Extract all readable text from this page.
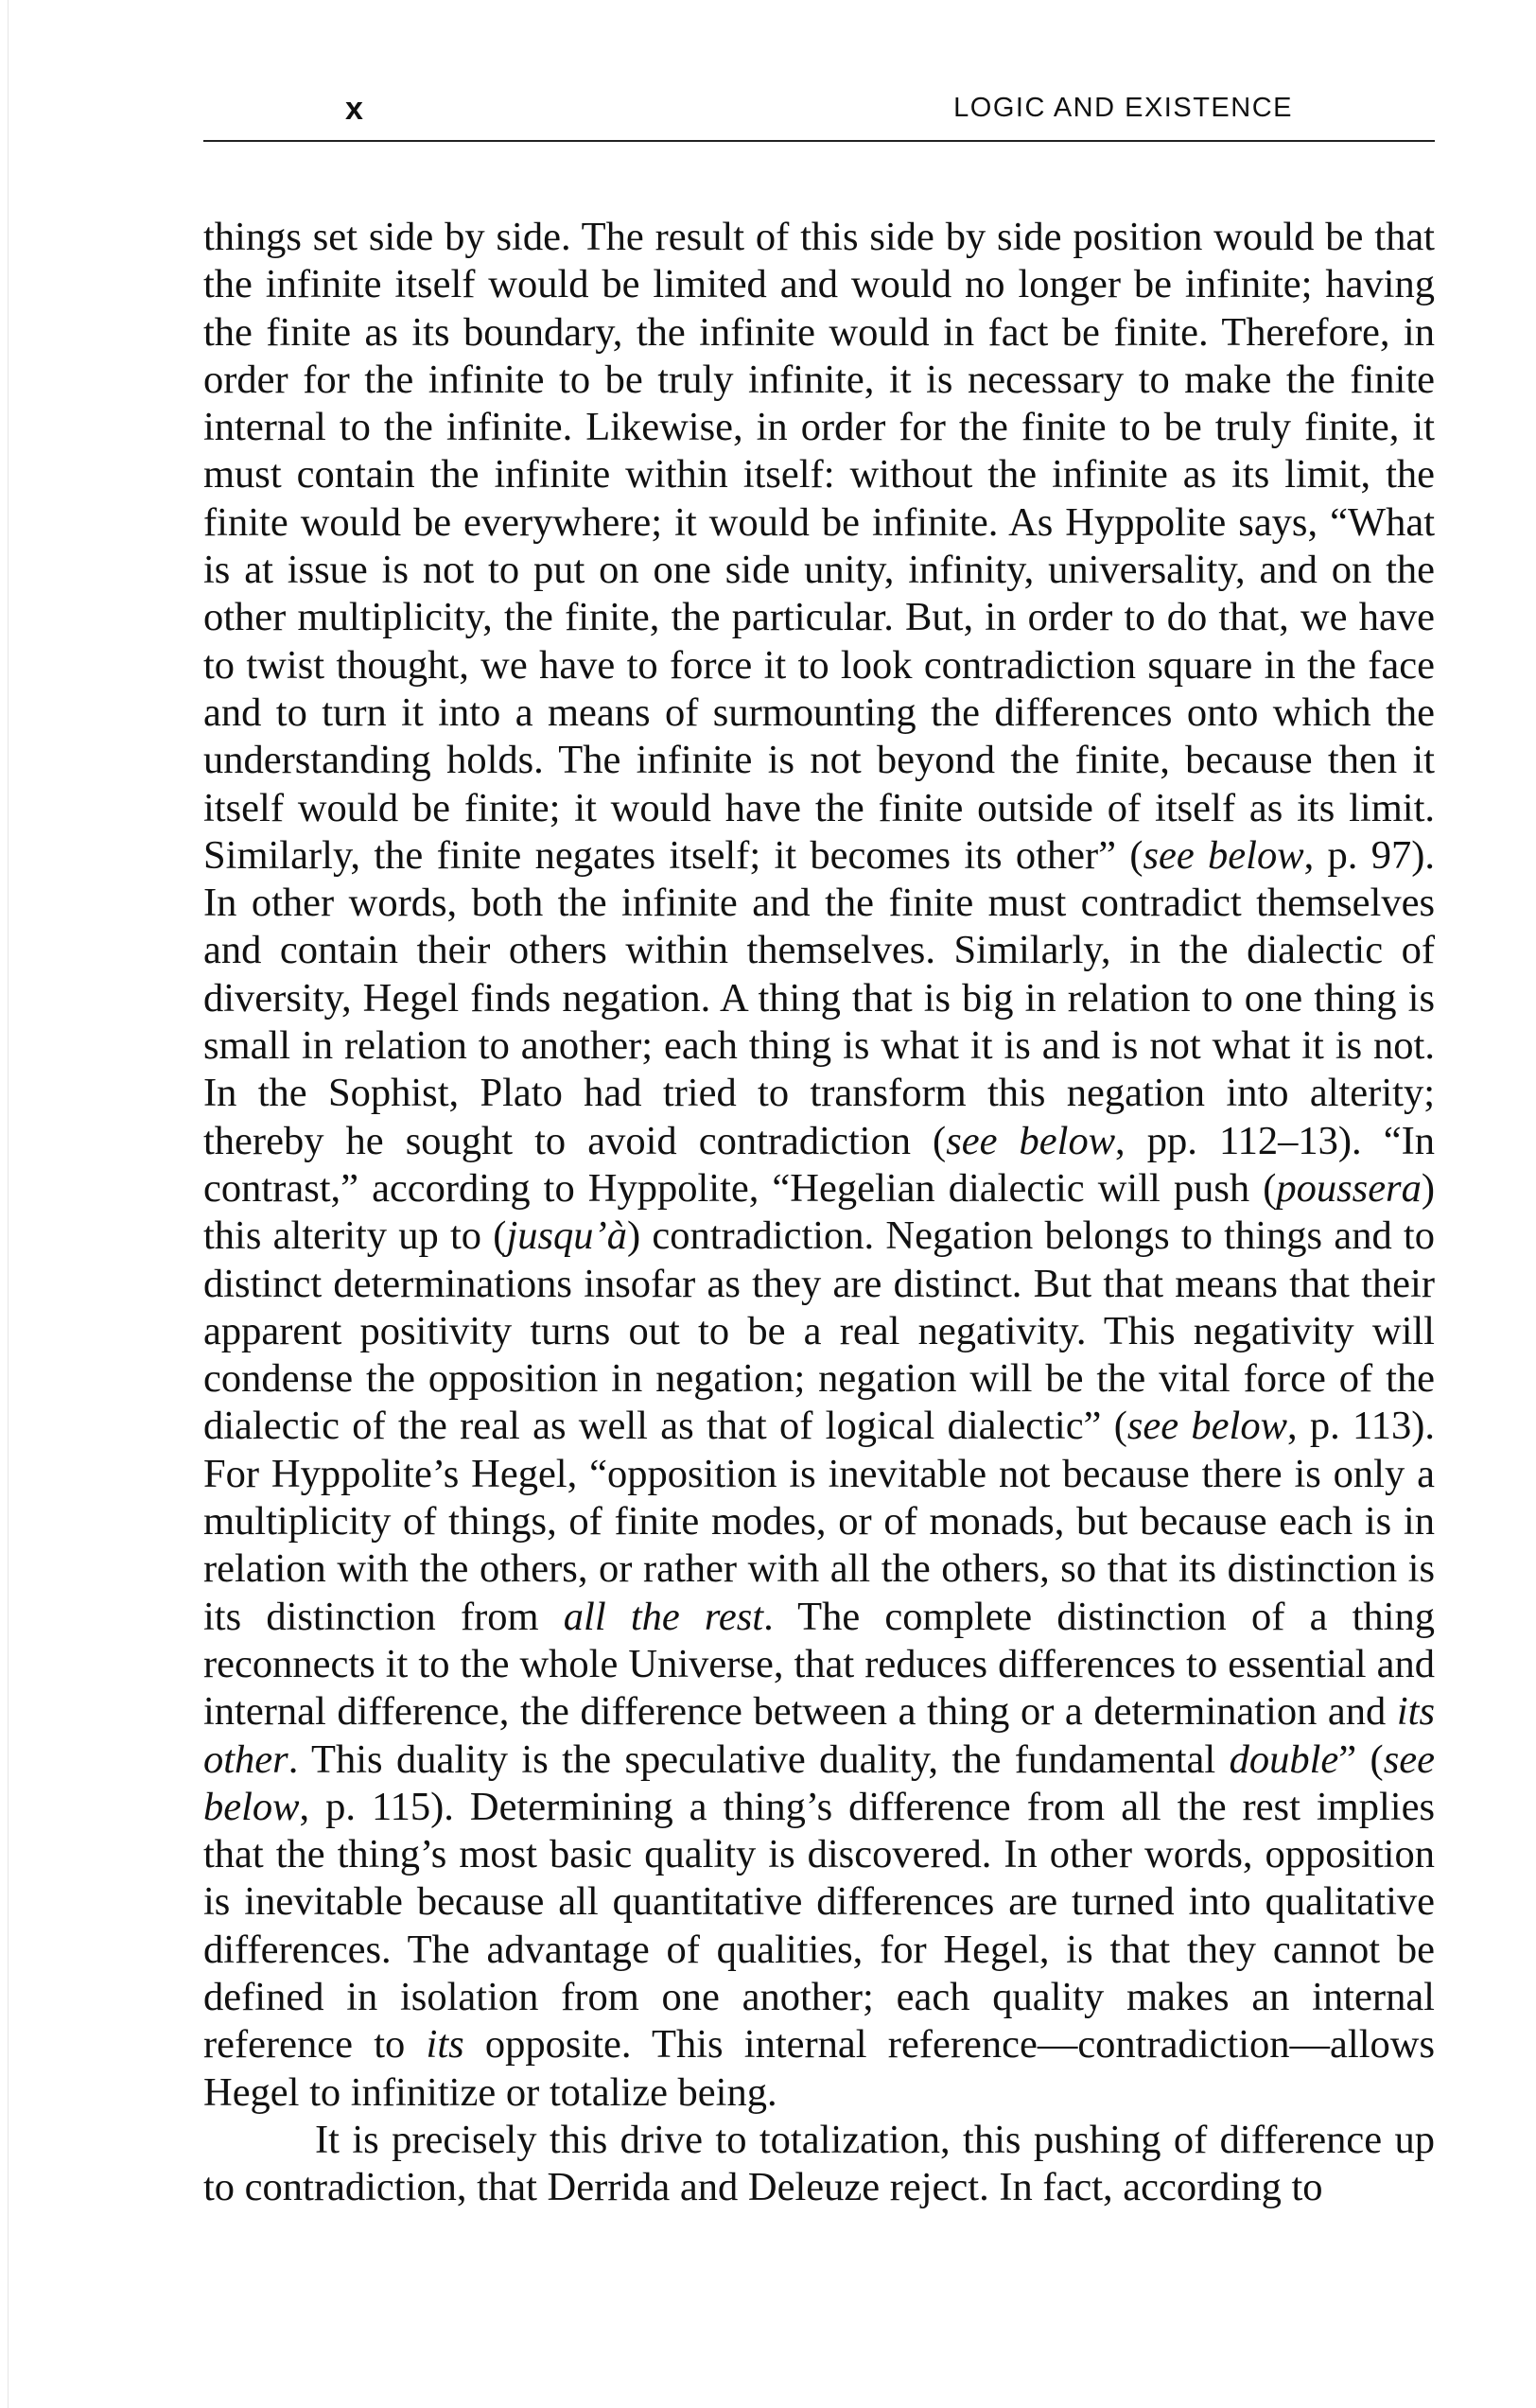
x	LOGIC AND EXISTENCE

things set side by side. The result of this side by side position would be that the infinite itself would be limited and would no longer be infinite; having the finite as its boundary, the infinite would in fact be finite. Therefore, in order for the infinite to be truly infinite, it is necessary to make the finite internal to the infinite. Likewise, in order for the finite to be truly finite, it must contain the infinite within itself: without the infinite as its limit, the finite would be everywhere; it would be infinite. As Hyppolite says, “What is at issue is not to put on one side unity, infinity, universality, and on the other multiplicity, the finite, the particular. But, in order to do that, we have to twist thought, we have to force it to look contradiction square in the face and to turn it into a means of surmounting the differences onto which the understanding holds. The infinite is not beyond the finite, because then it itself would be finite; it would have the finite outside of itself as its limit. Similarly, the finite negates itself; it becomes its other” (see below, p. 97). In other words, both the infinite and the finite must contradict themselves and contain their others within themselves. Similarly, in the dialectic of diversity, Hegel finds negation. A thing that is big in relation to one thing is small in relation to another; each thing is what it is and is not what it is not. In the Sophist, Plato had tried to transform this negation into alterity; thereby he sought to avoid contradiction (see below, pp. 112–13). “In contrast,” according to Hyppolite, “Hegelian dialectic will push (poussera) this alterity up to (jusqu’à) contradiction. Negation belongs to things and to distinct determinations insofar as they are distinct. But that means that their apparent positivity turns out to be a real negativity. This negativity will condense the opposition in negation; negation will be the vital force of the dialectic of the real as well as that of logical dialectic” (see below, p. 113). For Hyppolite’s Hegel, “opposition is inevitable not because there is only a multiplicity of things, of finite modes, or of monads, but because each is in relation with the others, or rather with all the others, so that its distinction is its distinction from all the rest. The complete distinction of a thing reconnects it to the whole Universe, that reduces differences to essential and internal difference, the difference between a thing or a determination and its other. This duality is the speculative duality, the fundamental double” (see below, p. 115). Determining a thing’s difference from all the rest implies that the thing’s most basic quality is discovered. In other words, opposition is inevitable because all quantitative differences are turned into qualitative differences. The advantage of qualities, for Hegel, is that they cannot be defined in isolation from one another; each quality makes an internal reference to its opposite. This internal reference—contradiction—allows Hegel to infinitize or totalize being.

It is precisely this drive to totalization, this pushing of difference up to contradiction, that Derrida and Deleuze reject. In fact, according to
